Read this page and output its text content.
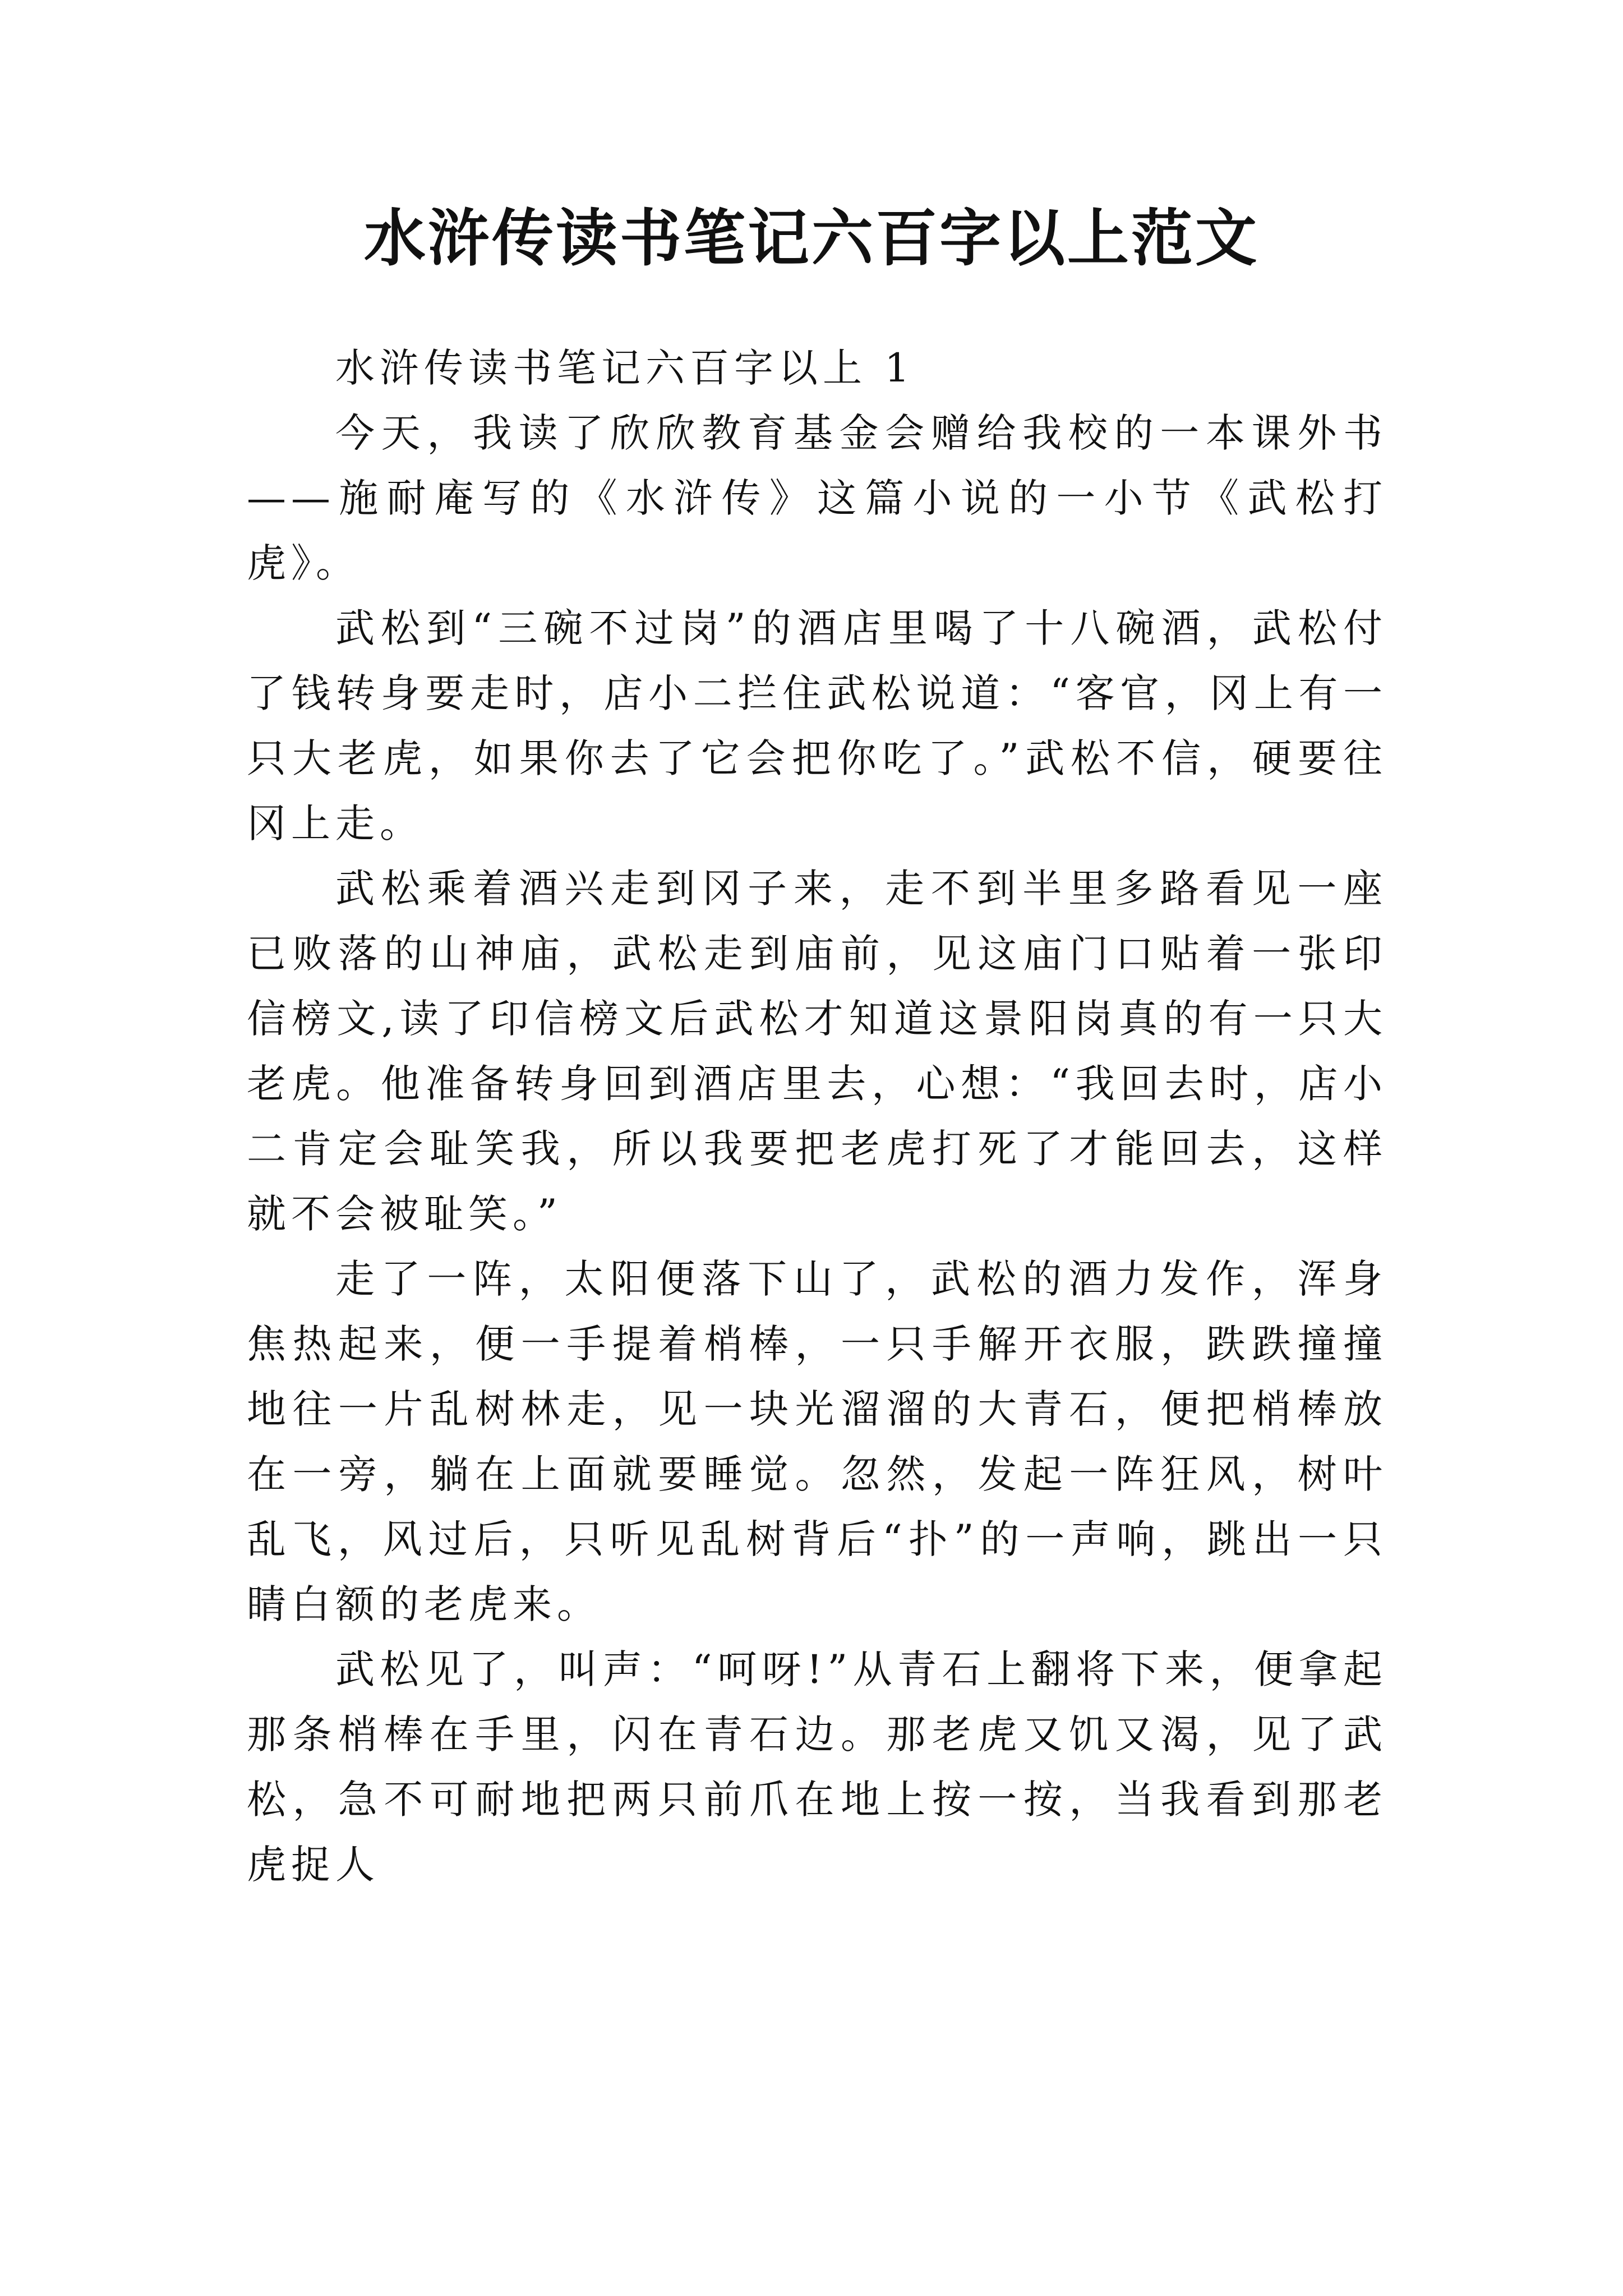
水浒传读书笔记六百字以上范文

水浒传读书笔记六百字以上 1

今天，我读了欣欣教育基金会赠给我校的一本课外书——施耐庵写的《水浒传》这篇小说的一小节《武松打虎》。

武松到“三碗不过岗”的酒店里喝了十八碗酒，武松付了钱转身要走时，店小二拦住武松说道：“客官，冈上有一只大老虎，如果你去了它会把你吃了。”武松不信，硬要往冈上走。

武松乘着酒兴走到冈子来，走不到半里多路看见一座已败落的山神庙，武松走到庙前，见这庙门口贴着一张印信榜文,读了印信榜文后武松才知道这景阳岗真的有一只大老虎。他准备转身回到酒店里去，心想：“我回去时，店小二肯定会耻笑我，所以我要把老虎打死了才能回去，这样就不会被耻笑。”

走了一阵，太阳便落下山了，武松的酒力发作，浑身焦热起来，便一手提着梢棒，一只手解开衣服，跌跌撞撞地往一片乱树林走，见一块光溜溜的大青石，便把梢棒放在一旁，躺在上面就要睡觉。忽然，发起一阵狂风，树叶乱飞，风过后，只听见乱树背后“扑”的一声响，跳出一只睛白额的老虎来。

武松见了，叫声：“呵呀!”从青石上翻将下来，便拿起那条梢棒在手里，闪在青石边。那老虎又饥又渴，见了武松，急不可耐地把两只前爪在地上按一按，当我看到那老虎捉人
